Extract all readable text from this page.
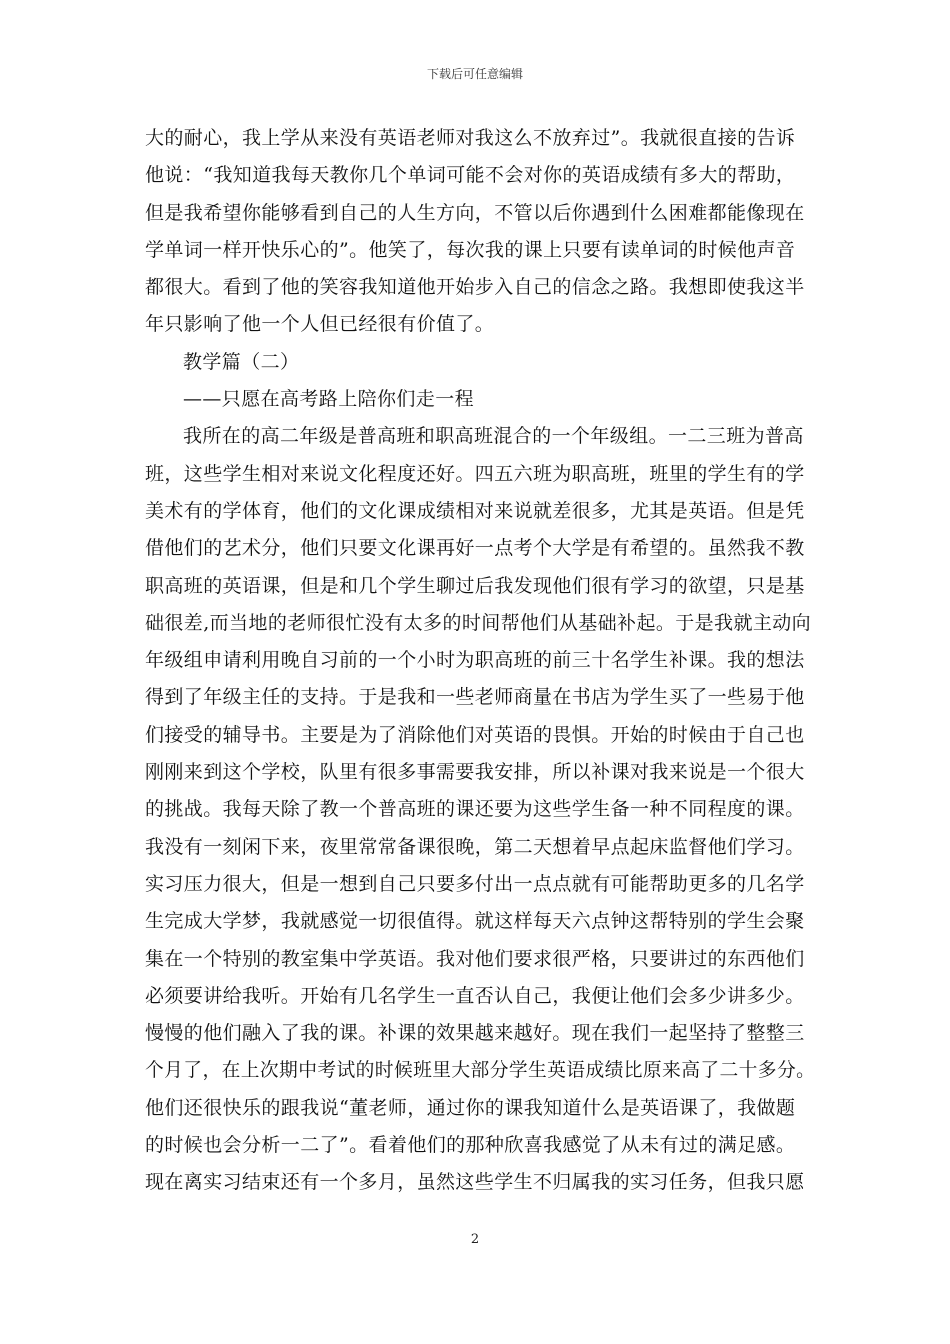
下载后可任意编辑
大的耐心，我上学从来没有英语老师对我这么不放弃过”。我就很直接的告诉
他说：“我知道我每天教你几个单词可能不会对你的英语成绩有多大的帮助，
但是我希望你能够看到自己的人生方向，不管以后你遇到什么困难都能像现在
学单词一样开快乐心的”。他笑了，每次我的课上只要有读单词的时候他声音
都很大。看到了他的笑容我知道他开始步入自己的信念之路。我想即使我这半
年只影响了他一个人但已经很有价值了。
教学篇（二）
——只愿在高考路上陪你们走一程
我所在的高二年级是普高班和职高班混合的一个年级组。一二三班为普高
班，这些学生相对来说文化程度还好。四五六班为职高班，班里的学生有的学
美术有的学体育，他们的文化课成绩相对来说就差很多，尤其是英语。但是凭
借他们的艺术分，他们只要文化课再好一点考个大学是有希望的。虽然我不教
职高班的英语课，但是和几个学生聊过后我发现他们很有学习的欲望，只是基
础很差,而当地的老师很忙没有太多的时间帮他们从基础补起。于是我就主动向
年级组申请利用晚自习前的一个小时为职高班的前三十名学生补课。我的想法
得到了年级主任的支持。于是我和一些老师商量在书店为学生买了一些易于他
们接受的辅导书。主要是为了消除他们对英语的畏惧。开始的时候由于自己也
刚刚来到这个学校，队里有很多事需要我安排，所以补课对我来说是一个很大
的挑战。我每天除了教一个普高班的课还要为这些学生备一种不同程度的课。
我没有一刻闲下来，夜里常常备课很晚，第二天想着早点起床监督他们学习。
实习压力很大，但是一想到自己只要多付出一点点就有可能帮助更多的几名学
生完成大学梦，我就感觉一切很值得。就这样每天六点钟这帮特别的学生会聚
集在一个特别的教室集中学英语。我对他们要求很严格，只要讲过的东西他们
必须要讲给我听。开始有几名学生一直否认自己，我便让他们会多少讲多少。
慢慢的他们融入了我的课。补课的效果越来越好。现在我们一起坚持了整整三
个月了，在上次期中考试的时候班里大部分学生英语成绩比原来高了二十多分。
他们还很快乐的跟我说“董老师，通过你的课我知道什么是英语课了，我做题
的时候也会分析一二了”。看着他们的那种欣喜我感觉了从未有过的满足感。
现在离实习结束还有一个多月，虽然这些学生不归属我的实习任务，但我只愿
2
